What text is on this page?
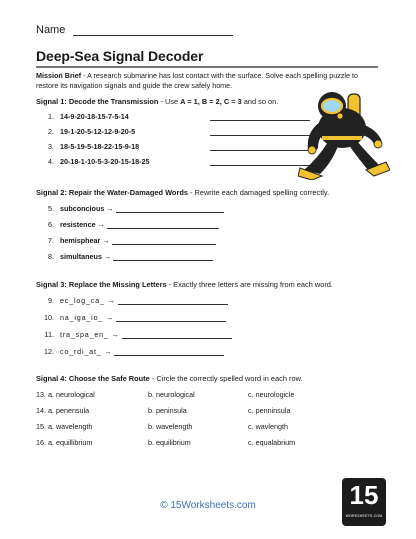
Name
Deep-Sea Signal Decoder
Mission Brief - A research submarine has lost contact with the surface. Solve each spelling puzzle to restore its navigation signals and guide the crew safely home.
Signal 1: Decode the Transmission - Use A = 1, B = 2, C = 3 and so on.
1. 14-9-20-18-15-7-5-14
2. 19-1-20-5-12-12-9-20-5
3. 18-5-19-5-18-22-15-9-18
4. 20-18-1-10-5-3-20-15-18-25
Signal 2: Repair the Water-Damaged Words - Rewrite each damaged spelling correctly.
5. subconcious
→
6. resistence
→
7. hemisphear
→
8. simultaneus
→
Signal 3: Replace the Missing Letters - Exactly three letters are missing from each word.
9. ec_log_ca_ →
10. na_iga_io_ →
11. tra_spa_en_ →
12. co_rdi_at_ →
Signal 4: Choose the Safe Route - Circle the correctly spelled word in each row.
13. a. neurological	b. neurological	c. neurologicle
14. a. penensula	b. peninsula	c. penninsula
15. a. wavelength	b. wavelength	c. wavlength
16. a. equillibrium	b. equilibrium	c. equalabrium
© 15Worksheets.com	15
WORKSHEETS.COM
